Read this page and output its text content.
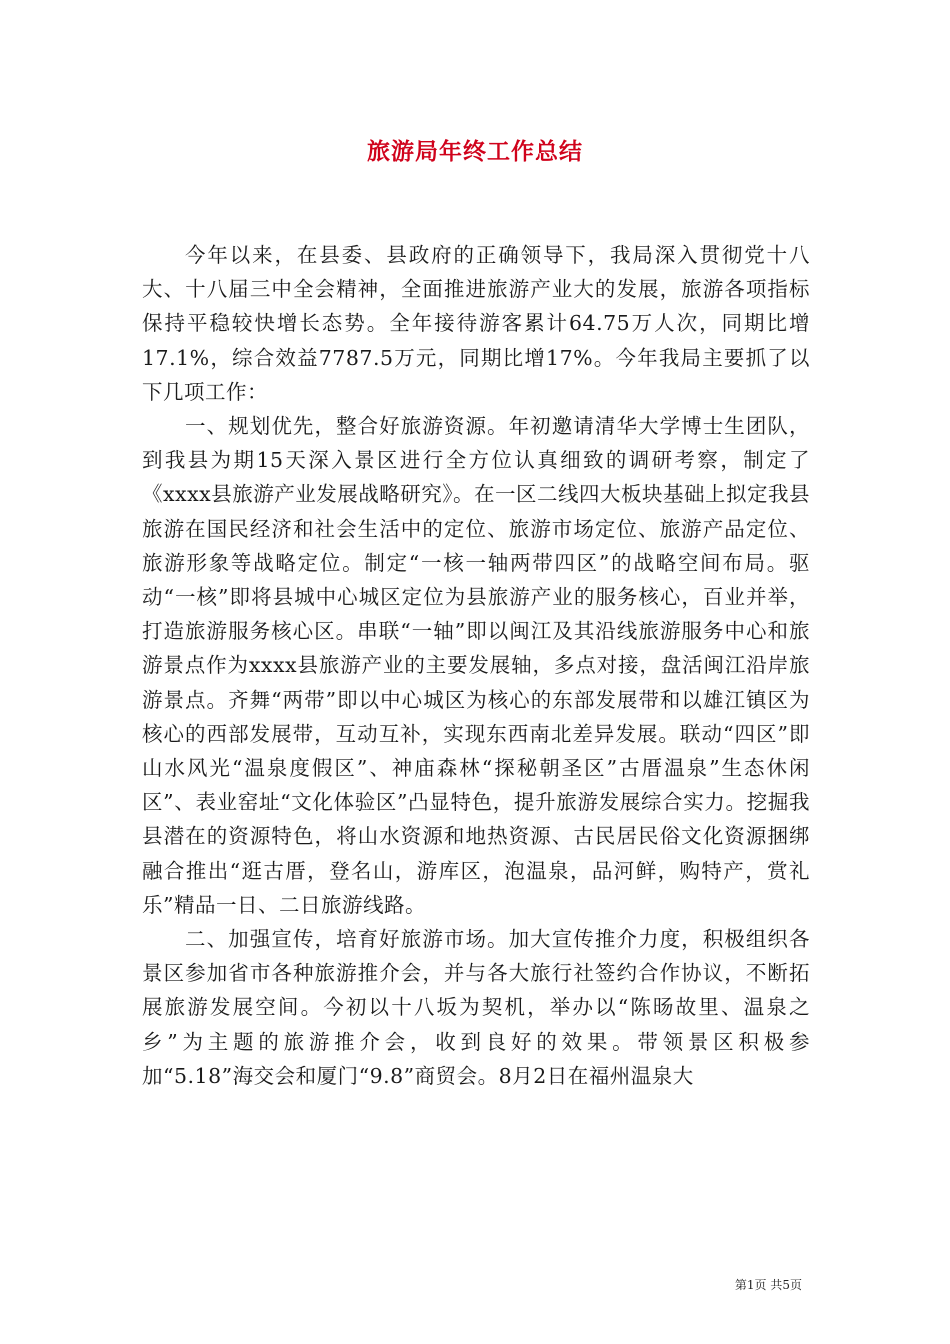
旅游局年终工作总结

今年以来，在县委、县政府的正确领导下，我局深入贯彻党十八大、十八届三中全会精神，全面推进旅游产业大的发展，旅游各项指标保持平稳较快增长态势。全年接待游客累计64.75万人次，同期比增17.1%，综合效益7787.5万元，同期比增17%。今年我局主要抓了以下几项工作：

一、规划优先，整合好旅游资源。年初邀请清华大学博士生团队，到我县为期15天深入景区进行全方位认真细致的调研考察，制定了《xxxx县旅游产业发展战略研究》。在一区二线四大板块基础上拟定我县旅游在国民经济和社会生活中的定位、旅游市场定位、旅游产品定位、旅游形象等战略定位。制定“一核一轴两带四区”的战略空间布局。驱动“一核”即将县城中心城区定位为县旅游产业的服务核心，百业并举，打造旅游服务核心区。串联“一轴”即以闽江及其沿线旅游服务中心和旅游景点作为xxxx县旅游产业的主要发展轴，多点对接，盘活闽江沿岸旅游景点。齐舞“两带”即以中心城区为核心的东部发展带和以雄江镇区为核心的西部发展带，互动互补，实现东西南北差异发展。联动“四区”即山水风光“温泉度假区”、神庙森林“探秘朝圣区”古厝温泉”生态休闲区”、表业窑址“文化体验区”凸显特色，提升旅游发展综合实力。挖掘我县潜在的资源特色，将山水资源和地热资源、古民居民俗文化资源捆绑融合推出“逛古厝，登名山，游库区，泡温泉，品河鲜，购特产，赏礼乐”精品一日、二日旅游线路。

二、加强宣传，培育好旅游市场。加大宣传推介力度，积极组织各景区参加省市各种旅游推介会，并与各大旅行社签约合作协议，不断拓展旅游发展空间。今初以十八坂为契机，举办以“陈旸故里、温泉之乡”为主题的旅游推介会，收到良好的效果。带领景区积极参加“5.18”海交会和厦门“9.8”商贸会。8月2日在福州温泉大

第1页 共5页
